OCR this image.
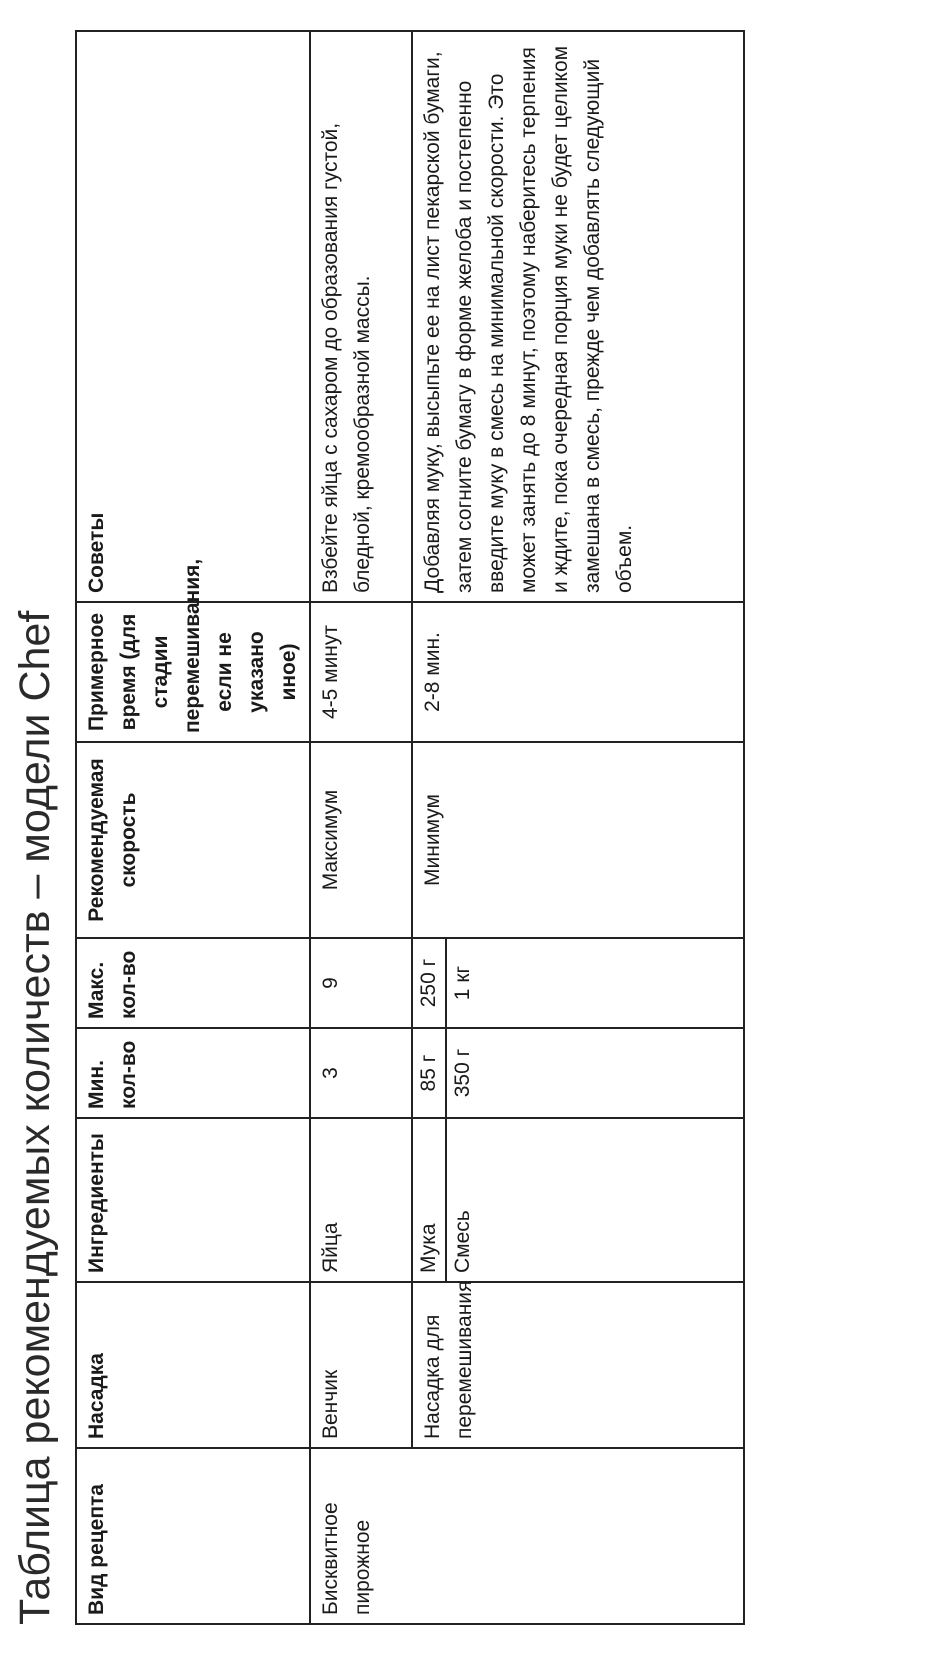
Таблица рекомендуемых количеств – модели Chef Вид рецепта	Насадка	Ингредиенты	Мин. кол-во	Макс. кол-во	Рекомендуемая скорость	Примерное время (для стадии перемешивания, если не указано иное)	Советы
Бисквитное пирожное	Венчик	Яйца	3	9	Максимум	4-5 минут	Взбейте яйца с сахаром до образования густой, бледной, кремообразной массы.
	Насадка для перемешивания	Мука	85 г	250 г	Минимум	2-8 мин.	Добавляя муку, высыпьте ее на лист пекарской бумаги, затем согните бумагу в форме желоба и постепенно введите муку в смесь на минимальной скорости. Это может занять до 8 минут, поэтому наберитесь терпения и ждите, пока очередная порция муки не будет целиком замешана в смесь, прежде чем добавлять следующий объем.
		Смесь	350 г	1 кг			
